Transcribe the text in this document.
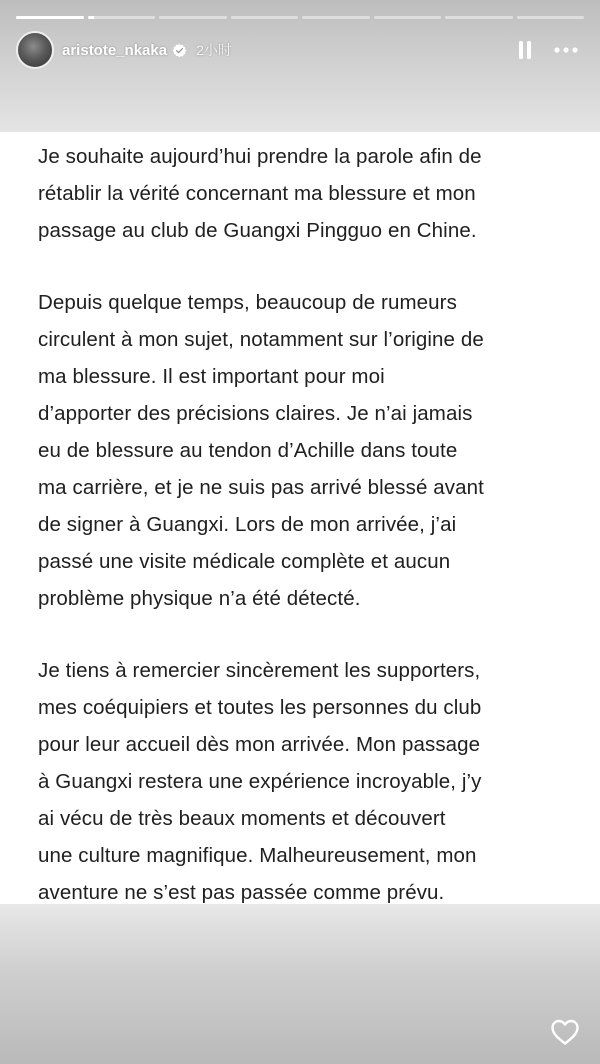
aristote_nkaka 2小时

Je souhaite aujourd’hui prendre la parole afin de
rétablir la vérité concernant ma blessure et mon
passage au club de Guangxi Pingguo en Chine.

Depuis quelque temps, beaucoup de rumeurs
circulent à mon sujet, notamment sur l’origine de
ma blessure. Il est important pour moi
d’apporter des précisions claires. Je n’ai jamais
eu de blessure au tendon d’Achille dans toute
ma carrière, et je ne suis pas arrivé blessé avant
de signer à Guangxi. Lors de mon arrivée, j’ai
passé une visite médicale complète et aucun
problème physique n’a été détecté.

Je tiens à remercier sincèrement les supporters,
mes coéquipiers et toutes les personnes du club
pour leur accueil dès mon arrivée. Mon passage
à Guangxi restera une expérience incroyable, j’y
ai vécu de très beaux moments et découvert
une culture magnifique. Malheureusement, mon
aventure ne s’est pas passée comme prévu.
